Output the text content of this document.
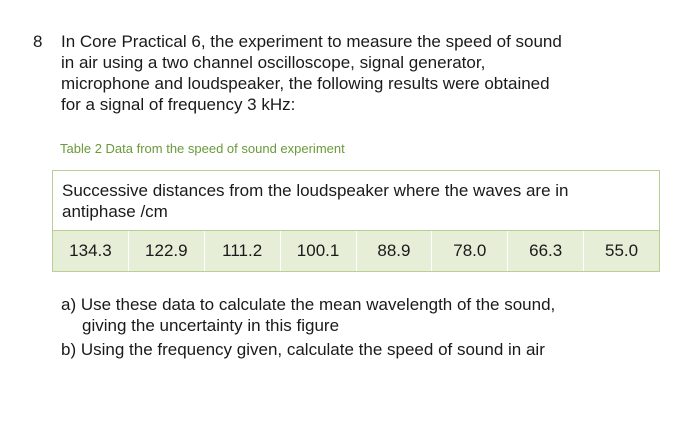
8 In Core Practical 6, the experiment to measure the speed of sound
in air using a two channel oscilloscope, signal generator,
microphone and loudspeaker, the following results were obtained
for a signal of frequency 3 kHz:

Table 2 Data from the speed of sound experiment
Successive distances from the loudspeaker where the waves are in
antiphase /cm
134.3	122.9	111.2	100.1	88.9	78.0	66.3	55.0
a) Use these data to calculate the mean wavelength of the sound,
giving the uncertainty in this figure
b) Using the frequency given, calculate the speed of sound in air
